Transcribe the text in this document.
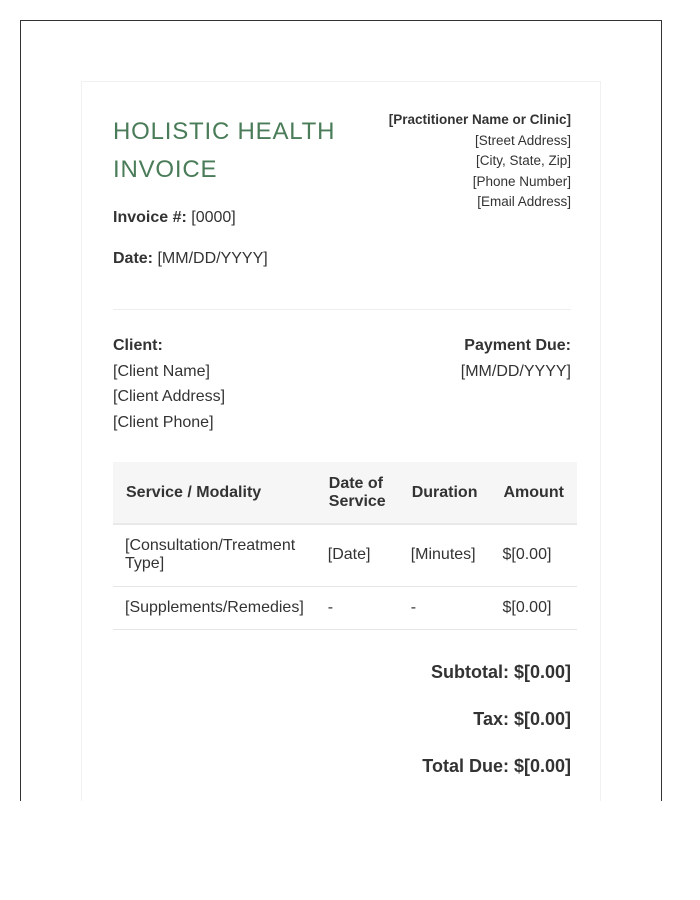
HOLISTIC HEALTH INVOICE
[Practitioner Name or Clinic]
[Street Address]
[City, State, Zip]
[Phone Number]
[Email Address]
Invoice #: [0000]
Date: [MM/DD/YYYY]
Client:
[Client Name]
[Client Address]
[Client Phone]
Payment Due:
[MM/DD/YYYY]
Service / Modality	Date of Service	Duration	Amount
[Consultation/Treatment Type]	[Date]	[Minutes]	$[0.00]
[Supplements/Remedies]	-	-	$[0.00]
Subtotal: $[0.00]
Tax: $[0.00]
Total Due: $[0.00]
